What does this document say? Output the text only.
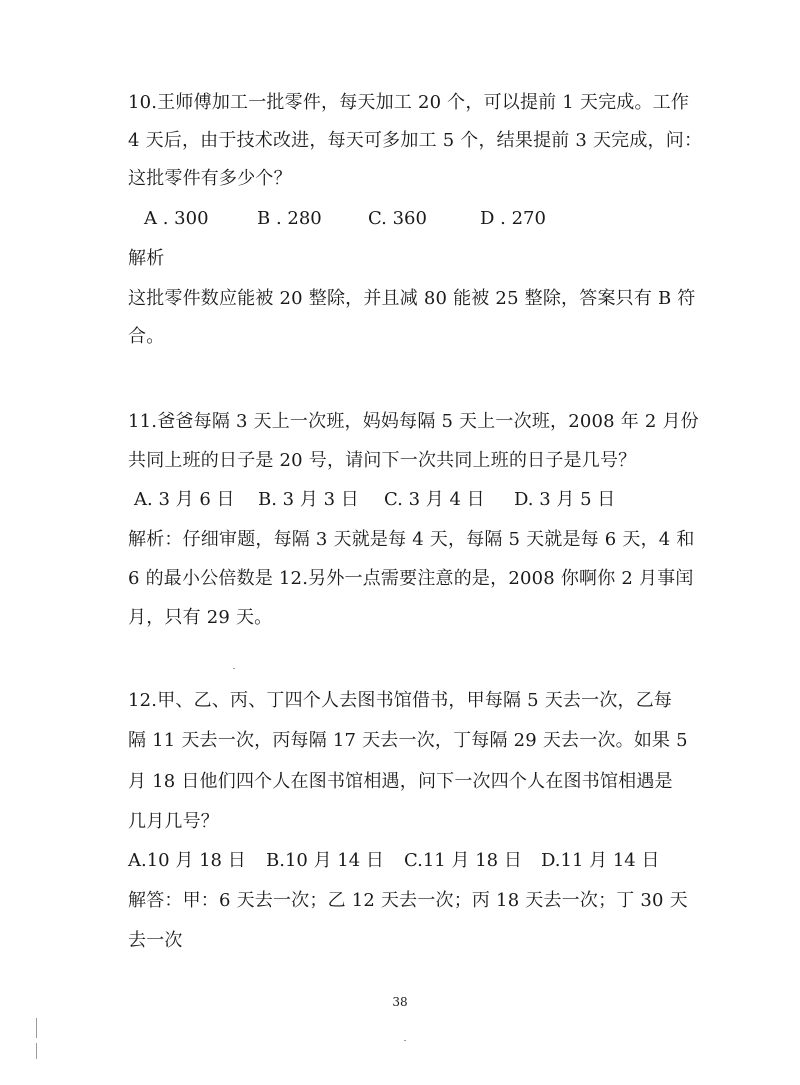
10.王师傅加工一批零件，每天加工 20 个，可以提前 1 天完成。工作
4 天后，由于技术改进，每天可多加工 5 个，结果提前 3 天完成，问：
这批零件有多少个？
A . 300	B . 280	C. 360	D . 270
解析
这批零件数应能被 20 整除，并且减 80 能被 25 整除，答案只有 B 符
合。
11.爸爸每隔 3 天上一次班，妈妈每隔 5 天上一次班，2008 年 2 月份
共同上班的日子是 20 号，请问下一次共同上班的日子是几号？
A. 3 月 6 日 B. 3 月 3 日 C. 3 月 4 日 D. 3 月 5 日
解析：仔细审题，每隔 3 天就是每 4 天，每隔 5 天就是每 6 天，4 和
6 的最小公倍数是 12.另外一点需要注意的是，2008 你啊你 2 月事闰
月，只有 29 天。
12.甲、乙、丙、丁四个人去图书馆借书，甲每隔 5 天去一次，乙每
隔 11 天去一次，丙每隔 17 天去一次，丁每隔 29 天去一次。如果 5
月 18 日他们四个人在图书馆相遇，问下一次四个人在图书馆相遇是
几月几号？
A.10 月 18 日 B.10 月 14 日 C.11 月 18 日 D.11 月 14 日
解答：甲：6 天去一次；乙 12 天去一次；丙 18 天去一次；丁 30 天
去一次
38
